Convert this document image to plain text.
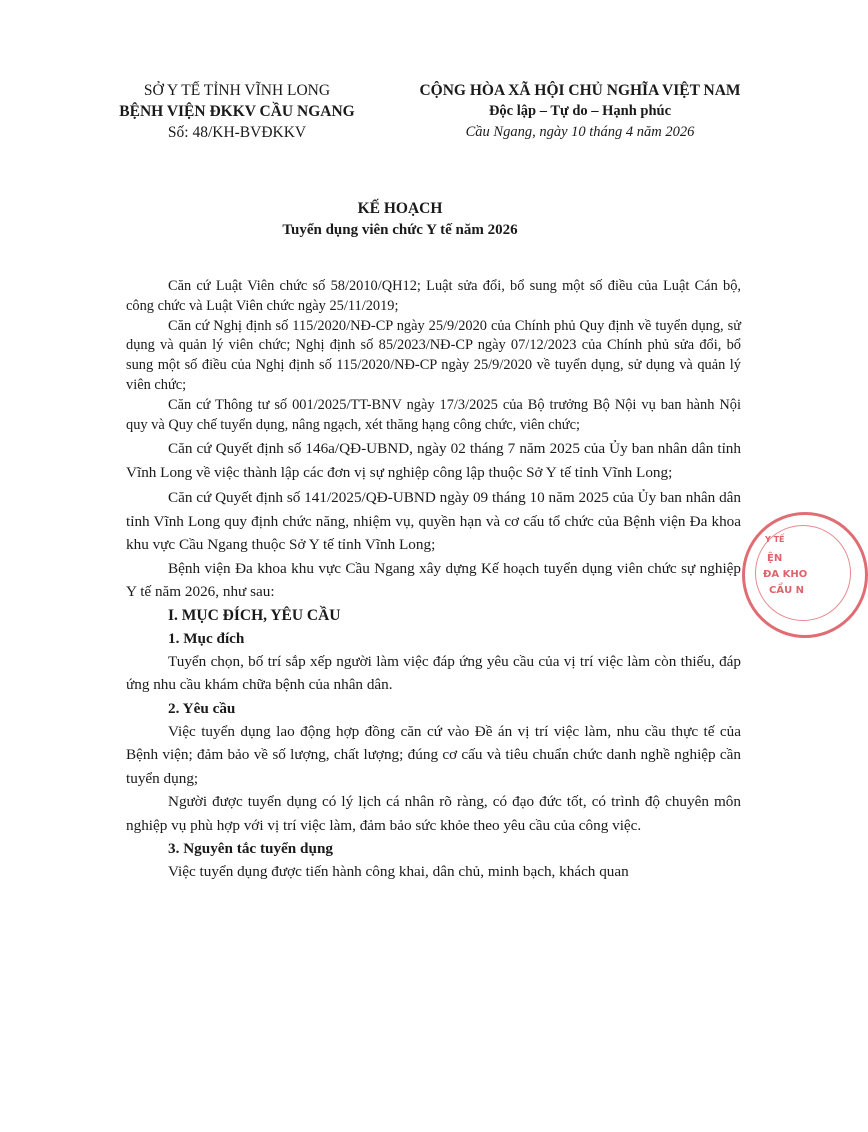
SỞ Y TẾ TỈNH VĨNH LONG
BỆNH VIỆN ĐKKV CẦU NGANG
Số: 48/KH-BVĐKKV
CỘNG HÒA XÃ HỘI CHỦ NGHĨA VIỆT NAM
Độc lập – Tự do – Hạnh phúc
Cầu Ngang, ngày 10 tháng 4 năm 2026
KẾ HOẠCH
Tuyển dụng viên chức Y tế năm 2026

Căn cứ Luật Viên chức số 58/2010/QH12; Luật sửa đổi, bổ sung một số điều của Luật Cán bộ, công chức và Luật Viên chức ngày 25/11/2019;

Căn cứ Nghị định số 115/2020/NĐ-CP ngày 25/9/2020 của Chính phủ Quy định về tuyển dụng, sử dụng và quản lý viên chức; Nghị định số 85/2023/NĐ-CP ngày 07/12/2023 của Chính phủ sửa đổi, bổ sung một số điều của Nghị định số 115/2020/NĐ-CP ngày 25/9/2020 về tuyển dụng, sử dụng và quản lý viên chức;

Căn cứ Thông tư số 001/2025/TT-BNV ngày 17/3/2025 của Bộ trưởng Bộ Nội vụ ban hành Nội quy và Quy chế tuyển dụng, nâng ngạch, xét thăng hạng công chức, viên chức;

Căn cứ Quyết định số 146a/QĐ-UBND, ngày 02 tháng 7 năm 2025 của Ủy ban nhân dân tỉnh Vĩnh Long về việc thành lập các đơn vị sự nghiệp công lập thuộc Sở Y tế tỉnh Vĩnh Long;

Căn cứ Quyết định số 141/2025/QĐ-UBND ngày 09 tháng 10 năm 2025 của Ủy ban nhân dân tỉnh Vĩnh Long quy định chức năng, nhiệm vụ, quyền hạn và cơ cấu tổ chức của Bệnh viện Đa khoa khu vực Cầu Ngang thuộc Sở Y tế tỉnh Vĩnh Long;

Bệnh viện Đa khoa khu vực Cầu Ngang xây dựng Kế hoạch tuyển dụng viên chức sự nghiệp Y tế năm 2026, như sau:

I. MỤC ĐÍCH, YÊU CẦU
1. Mục đích

Tuyển chọn, bố trí sắp xếp người làm việc đáp ứng yêu cầu của vị trí việc làm còn thiếu, đáp ứng nhu cầu khám chữa bệnh của nhân dân.

2. Yêu cầu

Việc tuyển dụng lao động hợp đồng căn cứ vào Đề án vị trí việc làm, nhu cầu thực tế của Bệnh viện; đảm bảo về số lượng, chất lượng; đúng cơ cấu và tiêu chuẩn chức danh nghề nghiệp cần tuyển dụng;

Người được tuyển dụng có lý lịch cá nhân rõ ràng, có đạo đức tốt, có trình độ chuyên môn nghiệp vụ phù hợp với vị trí việc làm, đảm bảo sức khỏe theo yêu cầu của công việc.

3. Nguyên tắc tuyển dụng

Việc tuyển dụng được tiến hành công khai, dân chủ, minh bạch, khách quan

Y TẾ
ỆN
ĐA KHO
CẦU N
